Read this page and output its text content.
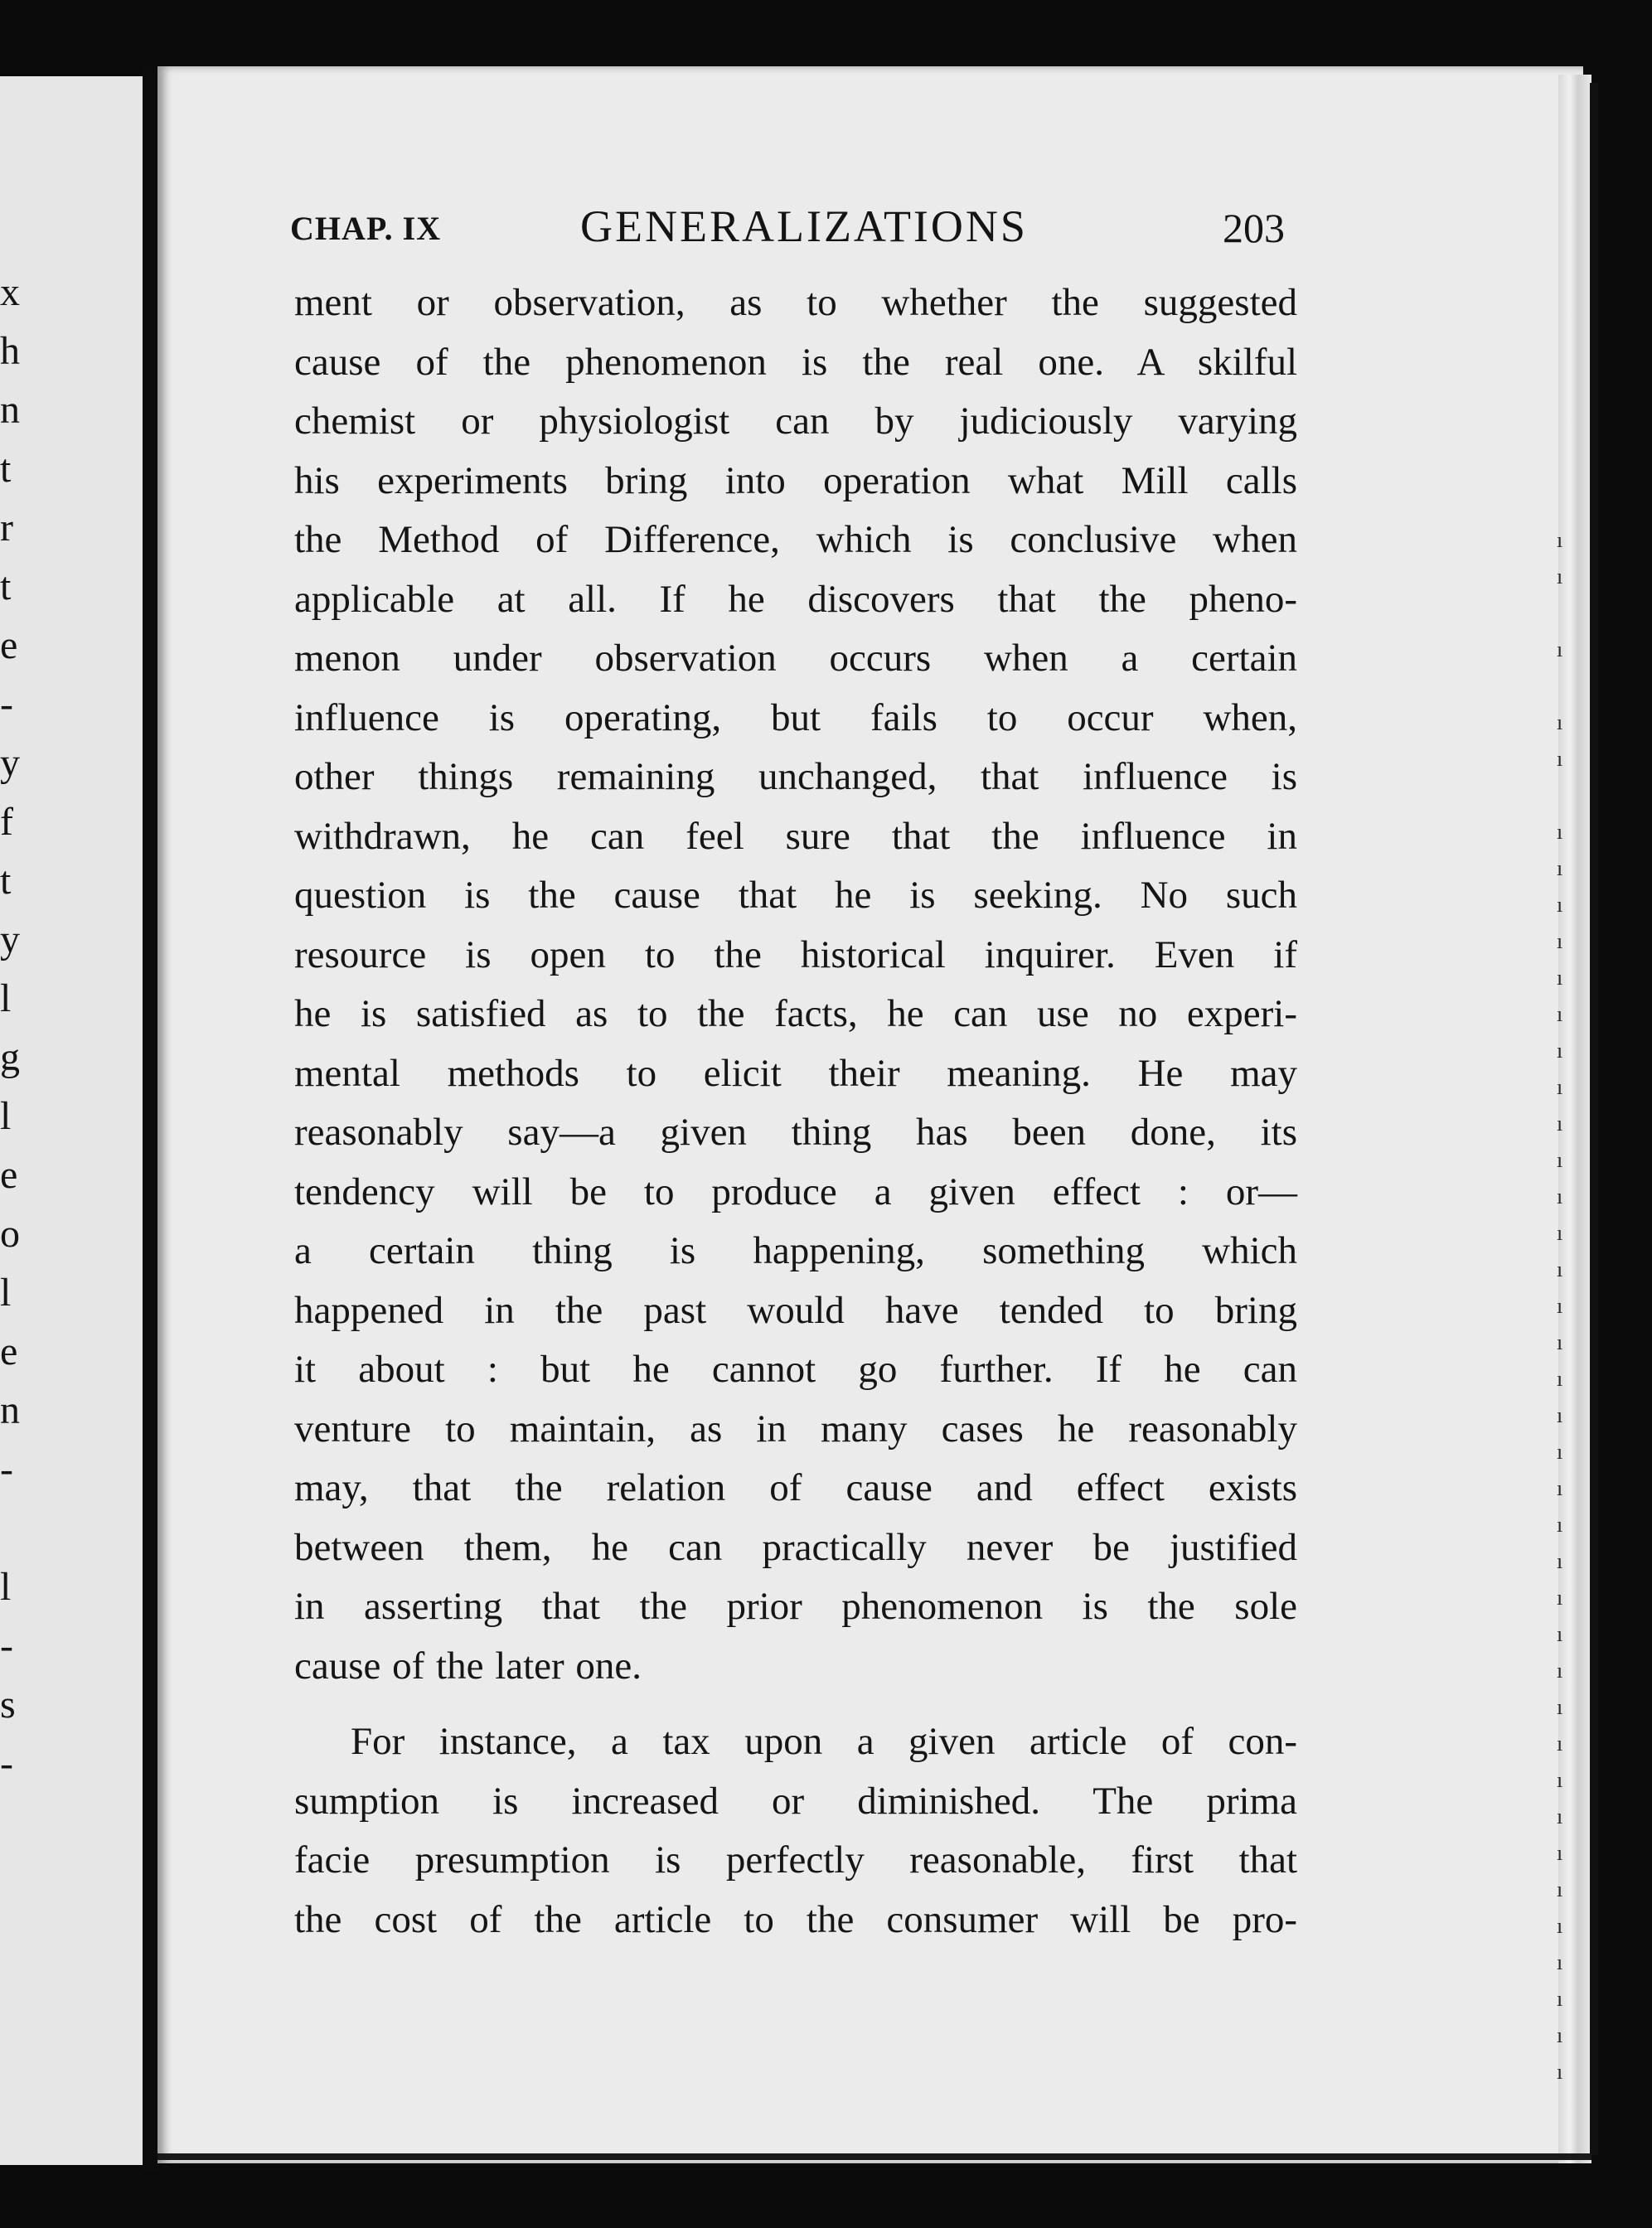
x
h
n
t
r
t
e
-
y
f
t
y
l
g
l
e
o
l
e
n
-
l
-
s
-
ı
ı
ı
ı
ı
ı
ı
ı
ı
ı
ı
ı
ı
ı
ı
ı
ı
ı
ı
ı
ı
ı
ı
ı
ı
ı
ı
ı
ı
ı
ı
ı
ı
ı
ı
ı
ı
ı
ı
ı
CHAP. IX	GENERALIZATIONS	203
ment or observation, as to whether the suggested
cause of the phenomenon is the real one. A skilful
chemist or physiologist can by judiciously varying
his experiments bring into operation what Mill calls
the Method of Difference, which is conclusive when
applicable at all. If he discovers that the pheno-
menon under observation occurs when a certain
influence is operating, but fails to occur when,
other things remaining unchanged, that influence is
withdrawn, he can feel sure that the influence in
question is the cause that he is seeking. No such
resource is open to the historical inquirer. Even if
he is satisfied as to the facts, he can use no experi-
mental methods to elicit their meaning. He may
reasonably say—a given thing has been done, its
tendency will be to produce a given effect : or—
a certain thing is happening, something which
happened in the past would have tended to bring
it about : but he cannot go further. If he can
venture to maintain, as in many cases he reasonably
may, that the relation of cause and effect exists
between them, he can practically never be justified
in asserting that the prior phenomenon is the sole
cause of the later one.
For instance, a tax upon a given article of con-
sumption is increased or diminished. The prima
facie presumption is perfectly reasonable, first that
the cost of the article to the consumer will be pro-
